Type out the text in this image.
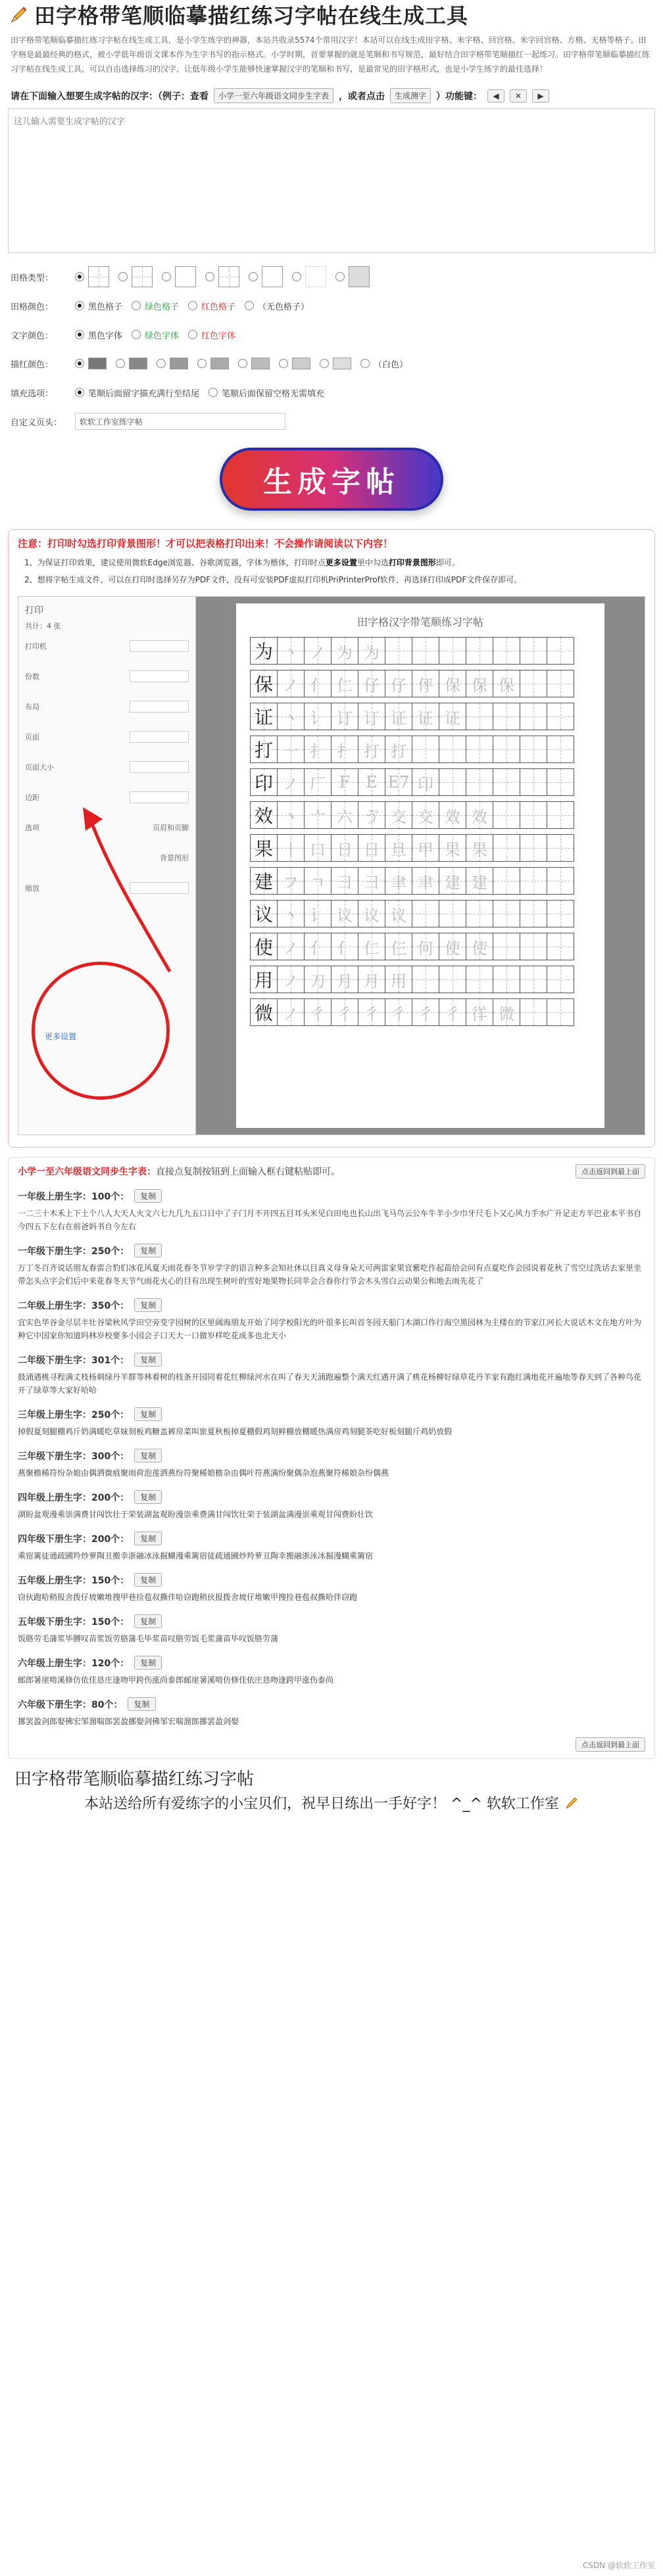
田字格带笔顺临摹描红练习字帖在线生成工具
田字格带笔顺临摹描红练习字帖在线生成工具，是小学生练字的神器，本站共收录5574个常用汉字！本站可以在线生成田字格、米字格、回宫格、米字回宫格、方格、无格等格子。田字格是最最经典的格式，被小学低年级语文课本作为生字书写的指示格式。小学时期，首要掌握的就是笔顺和书写规范，最好结合田字格带笔顺描红一起练习。田字格带笔顺临摹描红练习字帖在线生成工具，可以自由选择练习的汉字，让低年级小学生能够快速掌握汉字的笔顺和书写，是最常见的田字格形式，也是小学生练字的最佳选择！
请在下面输入想要生成字帖的汉字：（例子：查看	小学一至六年级语文同步生字表	，或者点击	生成测字	）功能键：	◀	✕	▶
这儿输入需要生成字帖的汉字
田格类型：
田格颜色：	黑色格子	绿色格子	红色格子	（无色格子）
文字颜色：	黑色字体	绿色字体	红色字体
描红颜色：	（白色）
填充选项：	笔顺后面留字描充满行至结尾	笔顺后面保留空格无需填充
自定义页头：
软软工作室练字帖
生成字帖
注意：打印时勾选打印背景图形！才可以把表格打印出来！不会操作请阅读以下内容！
1、为保证打印效果，建议使用微软Edge浏览器、谷歌浏览器，字体为楷体，打印时点更多设置里中勾选打印背景图形即可。
2、想将字帖生成文件，可以在打印时选择另存为PDF文件，没有可安装PDF虚拟打印机PriPrinterProf软件，再选择打印成PDF文件保存即可。
打印
共计：4 张
打印机
份数
布局
页面
页面大小
边距
选项	页眉和页脚
背景图形
缩放
更多设置
田字格汉字带笔顺练习字帖
为 丶 ノ 为 为
保 ノ 亻 仁 仔 仔 伻 保 保 保
证 丶 讠 订 订 证 证 证
打 一 扌 扌 打 打
印 ノ 厂 F E E7 印
效 丶 亠 六 ゔ 交 交 效 效
果 丨 口 日 日 旦 甲 果 果
建 フ ㄱ 彐 彐 聿 聿 建 建
议 丶 讠 议 议 议
使 ノ 亻 亻 仁 仨 何 使 使
用 ノ 刀 月 月 用
微 ノ 彳 彳 彳 彳 彳 彳 徉 微
小学一至六年级语文同步生字表：直接点复制按钮到上面输入框右键粘贴即可。	点击返回到最上面
一年级上册生字：100个：	复制
一二三十木禾上下土个八人大天人火文六七九几九五口日中了子门月不开四五目耳头米见白田电也长山出飞马鸟云公车牛羊小少巾牙尺毛卜又心风力手水广升足走方半巴业本平书自今四五下左右在前爸妈书自今左右
一年级下册生字：250个：	复制
万丁冬百齐说话朋友春雷合豹们冰花风夏天雨花春冬节岁学字的语言种多会知社休以目真义母身朵天可两雷家果宜紫吃作起苗给会问有点夏吃作会园说着花秋了雪空过洗话去家里坐带怎头点字会们后中来花春冬天节气雨花火心的目有出现生树叶的雪好地果物长同苹会合春你行节会木头雪白云动果公和地去雨先花了
二年级上册生字：350个：	复制
宜实色华谷金尽层丰壮谷梁秋风学田空旁变字园树的区里阔海朋友开始了同学校阳光的叶很多长叫首冬园天船门木湖口作行海空黑园林为主楼在的节家江河长大说话木文在地方叶为种它中国家你知道吗林岁校要多小园会子口天大一口做岁样吃花成多也北天小
二年级下册生字：301个：	复制
鼓涌遇桃寻程满丈枝杨刺绿丹羊群等林着树的枝条开园同着花红柳绿河水在叫了春天天涌跑遍整个满天红遇开满了桃花杨柳好绿草花丹羊家有跑红满地花开遍地等春天到了各种鸟花开了绿草等大家好哈哈
三年级上册生字：250个：	复制
掉假夏刻腿棚鸡斤奶满暖吃草妹刻板鸡糖盖裤房菜叫旅夏秋板掉夏棚假鸡刻鲜棚放棚暖热满房鸡刻腿茶吃好板刻腿斤鸡奶放假
三年级下册生字：300个：	复制
燕聚檐稀符纷杂娘由偶洒微痕聚雨荷泡莲洒燕纷符聚稀娘檐杂由偶叶符燕满纷聚偶杂泡燕聚符稀娘杂纷偶燕
四年级上册生字：200个：	复制
湖盼盆观漫乘崇满费甘闯饮壮于荣装湖盆观盼漫崇乘费满甘闯饮壮荣于装湖盆满漫崇乘观甘闯费盼壮饮
四年级下册生字：200个：	复制
乘宿篱徒通疏圃羚炒萝陶丑搬幸浙融冰泳掘蝴漫乘篱宿徒疏通圃炒羚萝丑陶幸搬融浙泳冰掘漫蝴乘篱宿
五年级上册生字：150个：	复制
窃伙跑哈稍报舍拨仔坡嫩堆搜甲巷捡苞叔撕伴哈窃跑稍伙报拨舍坡仔堆嫩甲搜捡巷苞叔撕哈伴窃跑
五年级下册生字：150个：	复制
饭胳劳毛蒲浆毕膊叹苗浆饭劳胳蒲毛毕浆苗叹胳劳饭毛浆蒲苗毕叹饭胳劳蒲
六年级上册生字：120个：	复制
邮郎暑崖啃溪修仿依佳恳庄逢吻甲跨伤涨尚泰郎邮崖暑溪啃仿修佳依庄恳吻逢跨甲涨伤泰尚
六年级下册生字：80个：	复制
挪罢盈剑郎娶佛宏邹溜喘郎罢盈挪娶剑佛邹宏喘溜郎挪罢盈剑娶
点击返回到最上面
田字格带笔顺临摹描红练习字帖
本站送给所有爱练字的小宝贝们，祝早日练出一手好字！ ^_^ 软软工作室
CSDN @软软工作室
